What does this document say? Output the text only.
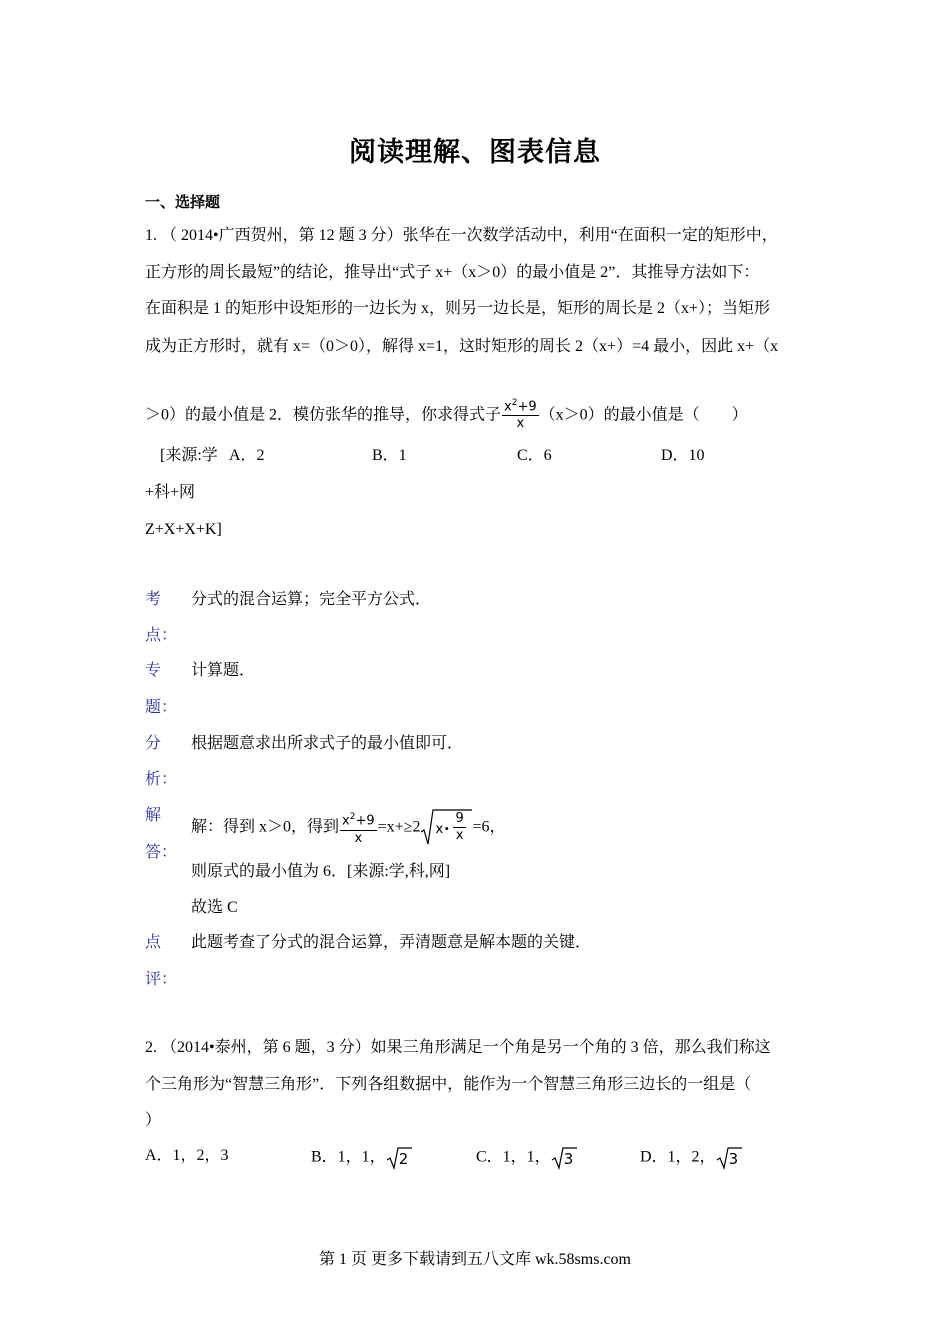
阅读理解、图表信息
一、选择题
1. （ 2014•广西贺州，第 12 题 3 分）张华在一次数学活动中，利用“在面积一定的矩形中，
正方形的周长最短”的结论，推导出“式子 x+（x＞0）的最小值是 2”．其推导方法如下：
在面积是 1 的矩形中设矩形的一边长为 x，则另一边长是，矩形的周长是 2（x+）；当矩形
成为正方形时，就有 x=（0＞0），解得 x=1，这时矩形的周长 2（x+）=4 最小，因此 x+（x
＞0）的最小值是 2．模仿张华的推导，你求得式子 $\frac{x^2+9}{x} (x>0)$的最小值是（　　）
[来源:学 A．2	B．1	C．6	D．10
+科+网
Z+X+X+K]
考
点：
分式的混合运算；完全平方公式．
专
题：
计算题．
分
析：
根据题意求出所求式子的最小值即可．
解
答：
解：得到 x＞0，得到 $\frac{x^2+9}{x} =x+\ge 2$ x • $\frac{9}{x} =6$，
则原式的最小值为 6．[来源:学,科,网]
故选 C
点
评：
此题考查了分式的混合运算，弄清题意是解本题的关键．
2. （2014•泰州，第 6 题，3 分）如果三角形满足一个角是另一个角的 3 倍，那么我们称这
个三角形为“智慧三角形”．下列各组数据中，能作为一个智慧三角形三边长的一组是（
）
A．1，2，3	B．1，1， 2	C．1，1， 3	D．1，2， 3
第 1 页 更多下载请到五八文库 wk.58sms.com
